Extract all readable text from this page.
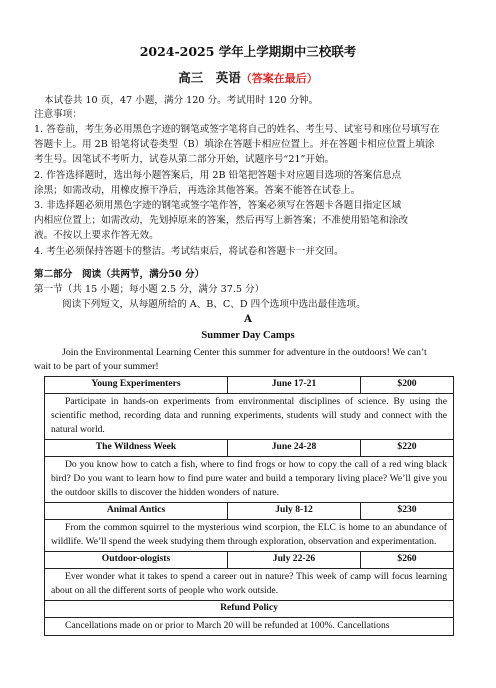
2024-2025 学年上学期期中三校联考
高三　英语（答案在最后）
本试卷共 10 页，47 小题，满分 120 分。考试用时 120 分钟。
注意事项：
1. 答卷前，考生务必用黑色字迹的钢笔或签字笔将自己的姓名、考生号、试室号和座位号填写在
答题卡上。用 2B 铅笔将试卷类型（B）填涂在答题卡相应位置上。并在答题卡相应位置上填涂
考生号。因笔试不考听力，试卷从第二部分开始，试题序号“21”开始。
2. 作答选择题时，选出每小题答案后，用 2B 铅笔把答题卡对应题目选项的答案信息点
涂黑；如需改动，用橡皮擦干净后，再选涂其他答案。答案不能答在试卷上。
3. 非选择题必须用黑色字迹的钢笔或签字笔作答，答案必须写在答题卡各题目指定区域
内相应位置上；如需改动，先划掉原来的答案，然后再写上新答案；不准使用铅笔和涂改
液。不按以上要求作答无效。
4. 考生必须保持答题卡的整洁。考试结束后，将试卷和答题卡一并交回。
第二部分　阅读（共两节，满分50 分）
第一节（共 15 小题；每小题 2.5 分，满分 37.5 分）
阅读下列短文，从每题所给的 A、B、C、D 四个选项中选出最佳选项。
A
Summer Day Camps
Join the Environmental Learning Center this summer for adventure in the outdoors! We can’t
wait to be part of your summer!
Young Experimenters	June 17-21	$200
Participate in hands-on experiments from environmental disciplines of science. By using the scientific method, recording data and running experiments, students will study and connect with the natural world.		
The Wildness Week	June 24-28	$220
Do you know how to catch a fish, where to find frogs or how to copy the call of a red wing black bird? Do you want to learn how to find pure water and build a temporary living place? We’ll give you the outdoor skills to discover the hidden wonders of nature.		
Animal Antics	July 8-12	$230
From the common squirrel to the mysterious wind scorpion, the ELC is home to an abundance of wildlife. We’ll spend the week studying them through exploration, observation and experimentation.		
Outdoor-ologists	July 22-26	$260
Ever wonder what it takes to spend a career out in nature? This week of camp will focus learning about on all the different sorts of people who work outside.		
Refund Policy		
Cancellations made on or prior to March 20 will be refunded at 100%. Cancellations		
